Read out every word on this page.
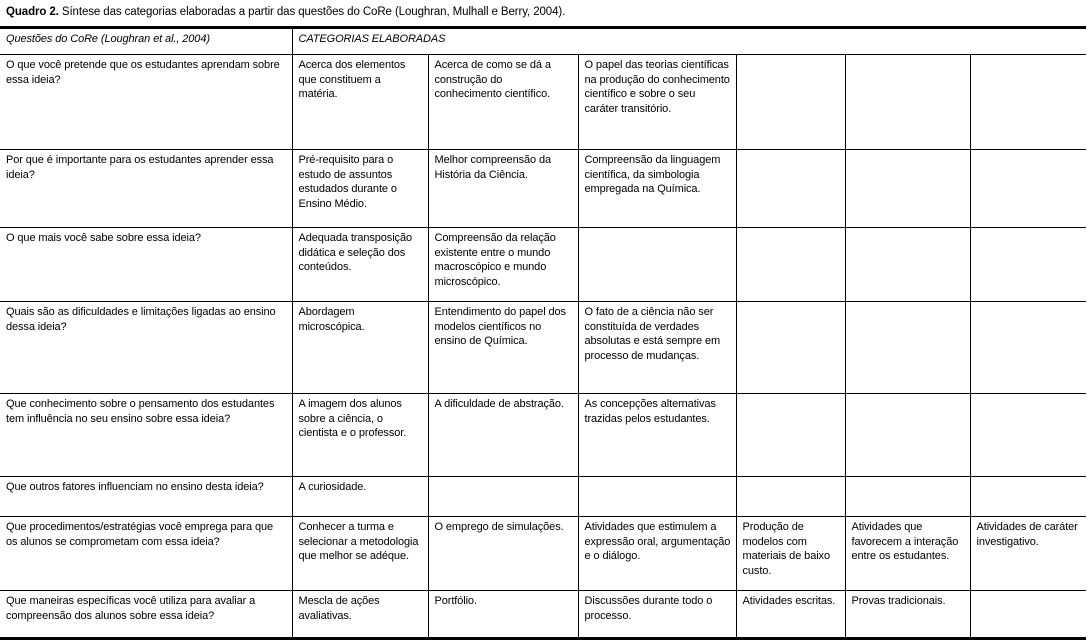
Quadro 2. Síntese das categorias elaboradas a partir das questões do CoRe (Loughran, Mulhall e Berry, 2004).
Questões do CoRe (Loughran et al., 2004)	CATEGORIAS ELABORADAS					
O que você pretende que os estudantes aprendam sobre essa ideia?	Acerca dos elementos que constituem a matéria.	Acerca de como se dá a construção do conhecimento científico.	O papel das teorias científicas na produção do conhecimento científico e sobre o seu caráter transitório.			
Por que é importante para os estudantes aprender essa ideia?	Pré-requisito para o estudo de assuntos estudados durante o Ensino Médio.	Melhor compreensão da História da Ciência.	Compreensão da linguagem científica, da simbologia empregada na Química.			
O que mais você sabe sobre essa ideia?	Adequada transposição didática e seleção dos conteúdos.	Compreensão da relação existente entre o mundo macroscópico e mundo microscópico.				
Quais são as dificuldades e limitações ligadas ao ensino dessa ideia?	Abordagem microscópica.	Entendimento do papel dos modelos científicos no ensino de Química.	O fato de a ciência não ser constituída de verdades absolutas e está sempre em processo de mudanças.			
Que conhecimento sobre o pensamento dos estudantes tem influência no seu ensino sobre essa ideia?	A imagem dos alunos sobre a ciência, o cientista e o professor.	A dificuldade de abstração.	As concepções alternativas trazidas pelos estudantes.			
Que outros fatores influenciam no ensino desta ideia?	A curiosidade.					
Que procedimentos/estratégias você emprega para que os alunos se comprometam com essa ideia?	Conhecer a turma e selecionar a metodologia que melhor se adéque.	O emprego de simulações.	Atividades que estimulem a expressão oral, argumentação e o diálogo.	Produção de modelos com materiais de baixo custo.	Atividades que favorecem a interação entre os estudantes.	Atividades de caráter investigativo.
Que maneiras específicas você utiliza para avaliar a compreensão dos alunos sobre essa ideia?	Mescla de ações avaliativas.	Portfólio.	Discussões durante todo o processo.	Atividades escritas.	Provas tradicionais.	
